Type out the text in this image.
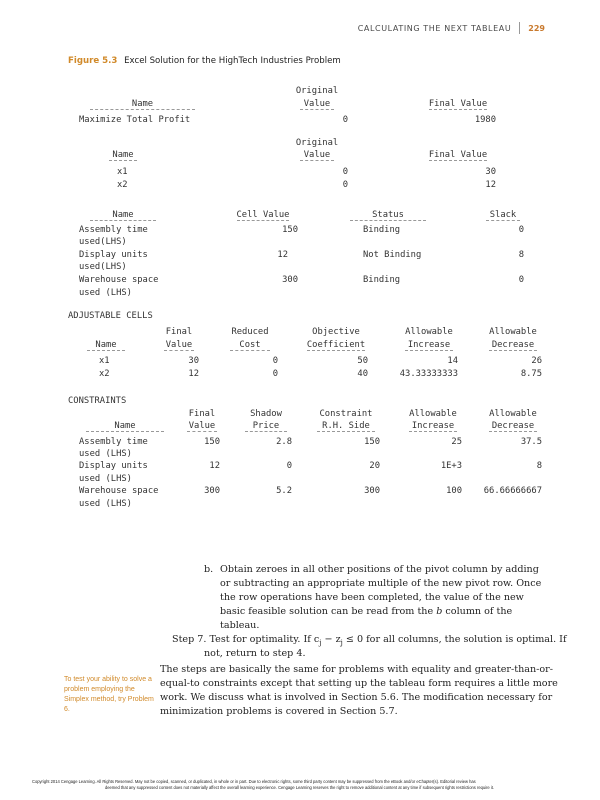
CALCULATING THE NEXT TABLEAU 229
Figure 5.3 Excel Solution for the HighTech Industries Problem
Original
Name	Value	Final Value
Maximize Total Profit	0	1980
Original
Name	Value	Final Value
x1	0	30
x2	0	12
Name	Cell Value	Status	Slack
Assembly time
used(LHS)
150	Binding	0
Display units
used(LHS)
12	Not Binding	8
Warehouse space
used (LHS)
300	Binding	0
ADJUSTABLE CELLS
Final	Reduced	Objective	Allowable	Allowable
Name	Value	Cost	Coefficient	Increase	Decrease
x1	30	0	50	14	26
x2	12	0	40	43.33333333	8.75
CONSTRAINTS
Final	Shadow	Constraint	Allowable	Allowable
Name	Value	Price	R.H. Side	Increase	Decrease
Assembly time
used (LHS)
150	2.8	150	25	37.5
Display units
used (LHS)
12	0	20	1E+3	8
Warehouse space
used (LHS)
300	5.2	300	100	66.66666667
b. Obtain zeroes in all other positions of the pivot column by adding
or subtracting an appropriate multiple of the new pivot row. Once
the row operations have been completed, the value of the new
basic feasible solution can be read from the b column of the
tableau.
Step 7. Test for optimality. If $c_j - z_j \le 0$ for all columns, the solution is optimal. If
not, return to step 4.
The steps are basically the same for problems with equality and greater-than-or-
equal-to constraints except that setting up the tableau form requires a little more
work. We discuss what is involved in Section 5.6. The modification necessary for
minimization problems is covered in Section 5.7.
To test your ability to solve a problem employing the Simplex method, try Problem 6.
Copyright 2014 Cengage Learning. All Rights Reserved. May not be copied, scanned, or duplicated, in whole or in part. Due to electronic rights, some third party content may be suppressed from the eBook and/or eChapter(s). Editorial review has
deemed that any suppressed content does not materially affect the overall learning experience. Cengage Learning reserves the right to remove additional content at any time if subsequent rights restrictions require it.
